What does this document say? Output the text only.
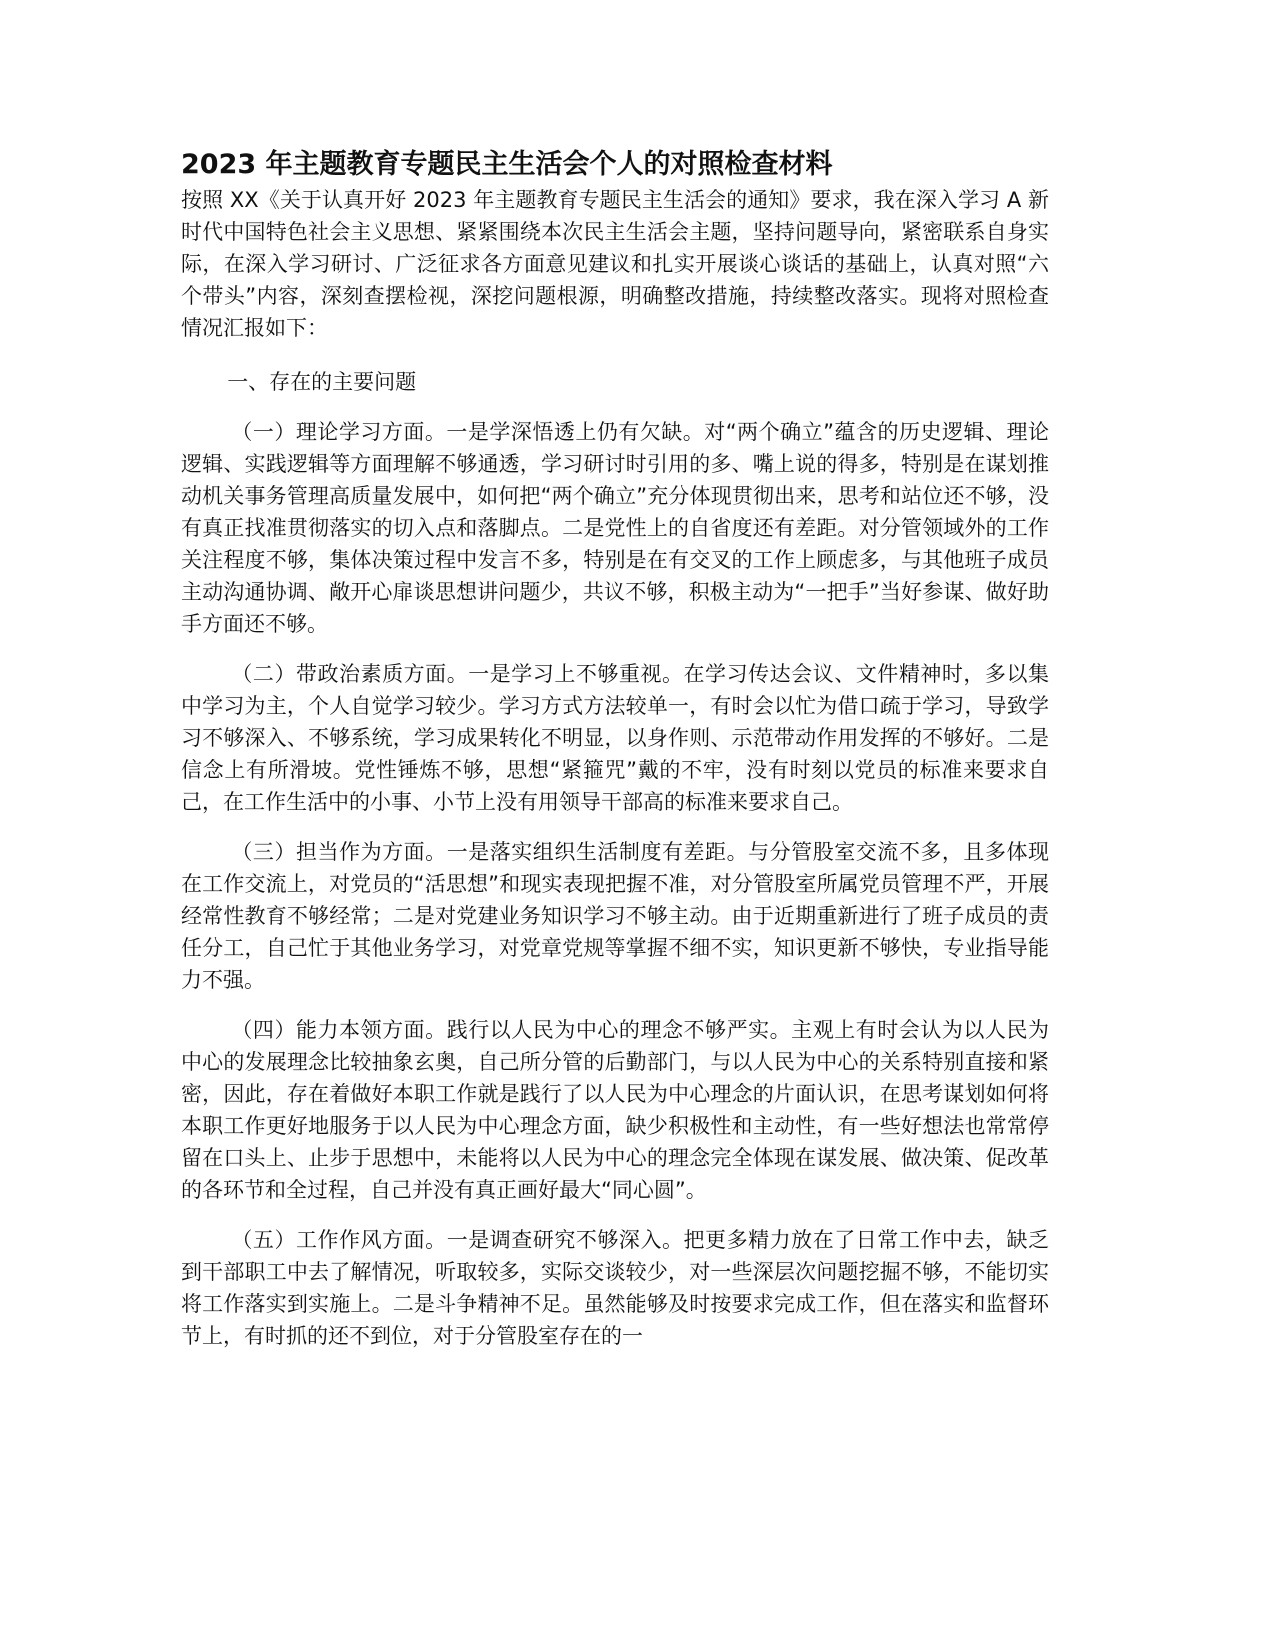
2023 年主题教育专题民主生活会个人的对照检查材料

按照 XX《关于认真开好 2023 年主题教育专题民主生活会的通知》要求，我在深入学习 A 新时代中国特色社会主义思想、紧紧围绕本次民主生活会主题，坚持问题导向，紧密联系自身实际，在深入学习研讨、广泛征求各方面意见建议和扎实开展谈心谈话的基础上，认真对照“六个带头”内容，深刻查摆检视，深挖问题根源，明确整改措施，持续整改落实。现将对照检查情况汇报如下：

一、存在的主要问题

（一）理论学习方面。一是学深悟透上仍有欠缺。对“两个确立”蕴含的历史逻辑、理论逻辑、实践逻辑等方面理解不够通透，学习研讨时引用的多、嘴上说的得多，特别是在谋划推动机关事务管理高质量发展中，如何把“两个确立”充分体现贯彻出来，思考和站位还不够，没有真正找准贯彻落实的切入点和落脚点。二是党性上的自省度还有差距。对分管领域外的工作关注程度不够，集体决策过程中发言不多，特别是在有交叉的工作上顾虑多，与其他班子成员主动沟通协调、敞开心扉谈思想讲问题少，共议不够，积极主动为“一把手”当好参谋、做好助手方面还不够。

（二）带政治素质方面。一是学习上不够重视。在学习传达会议、文件精神时，多以集中学习为主，个人自觉学习较少。学习方式方法较单一，有时会以忙为借口疏于学习，导致学习不够深入、不够系统，学习成果转化不明显，以身作则、示范带动作用发挥的不够好。二是信念上有所滑坡。党性锤炼不够，思想“紧箍咒”戴的不牢，没有时刻以党员的标准来要求自己，在工作生活中的小事、小节上没有用领导干部高的标准来要求自己。

（三）担当作为方面。一是落实组织生活制度有差距。与分管股室交流不多，且多体现在工作交流上，对党员的“活思想”和现实表现把握不准，对分管股室所属党员管理不严，开展经常性教育不够经常；二是对党建业务知识学习不够主动。由于近期重新进行了班子成员的责任分工，自己忙于其他业务学习，对党章党规等掌握不细不实，知识更新不够快，专业指导能力不强。

（四）能力本领方面。践行以人民为中心的理念不够严实。主观上有时会认为以人民为中心的发展理念比较抽象玄奥，自己所分管的后勤部门，与以人民为中心的关系特别直接和紧密，因此，存在着做好本职工作就是践行了以人民为中心理念的片面认识，在思考谋划如何将本职工作更好地服务于以人民为中心理念方面，缺少积极性和主动性，有一些好想法也常常停留在口头上、止步于思想中，未能将以人民为中心的理念完全体现在谋发展、做决策、促改革的各环节和全过程，自己并没有真正画好最大“同心圆”。

（五）工作作风方面。一是调查研究不够深入。把更多精力放在了日常工作中去，缺乏到干部职工中去了解情况，听取较多，实际交谈较少，对一些深层次问题挖掘不够，不能切实将工作落实到实施上。二是斗争精神不足。虽然能够及时按要求完成工作，但在落实和监督环节上，有时抓的还不到位，对于分管股室存在的一
